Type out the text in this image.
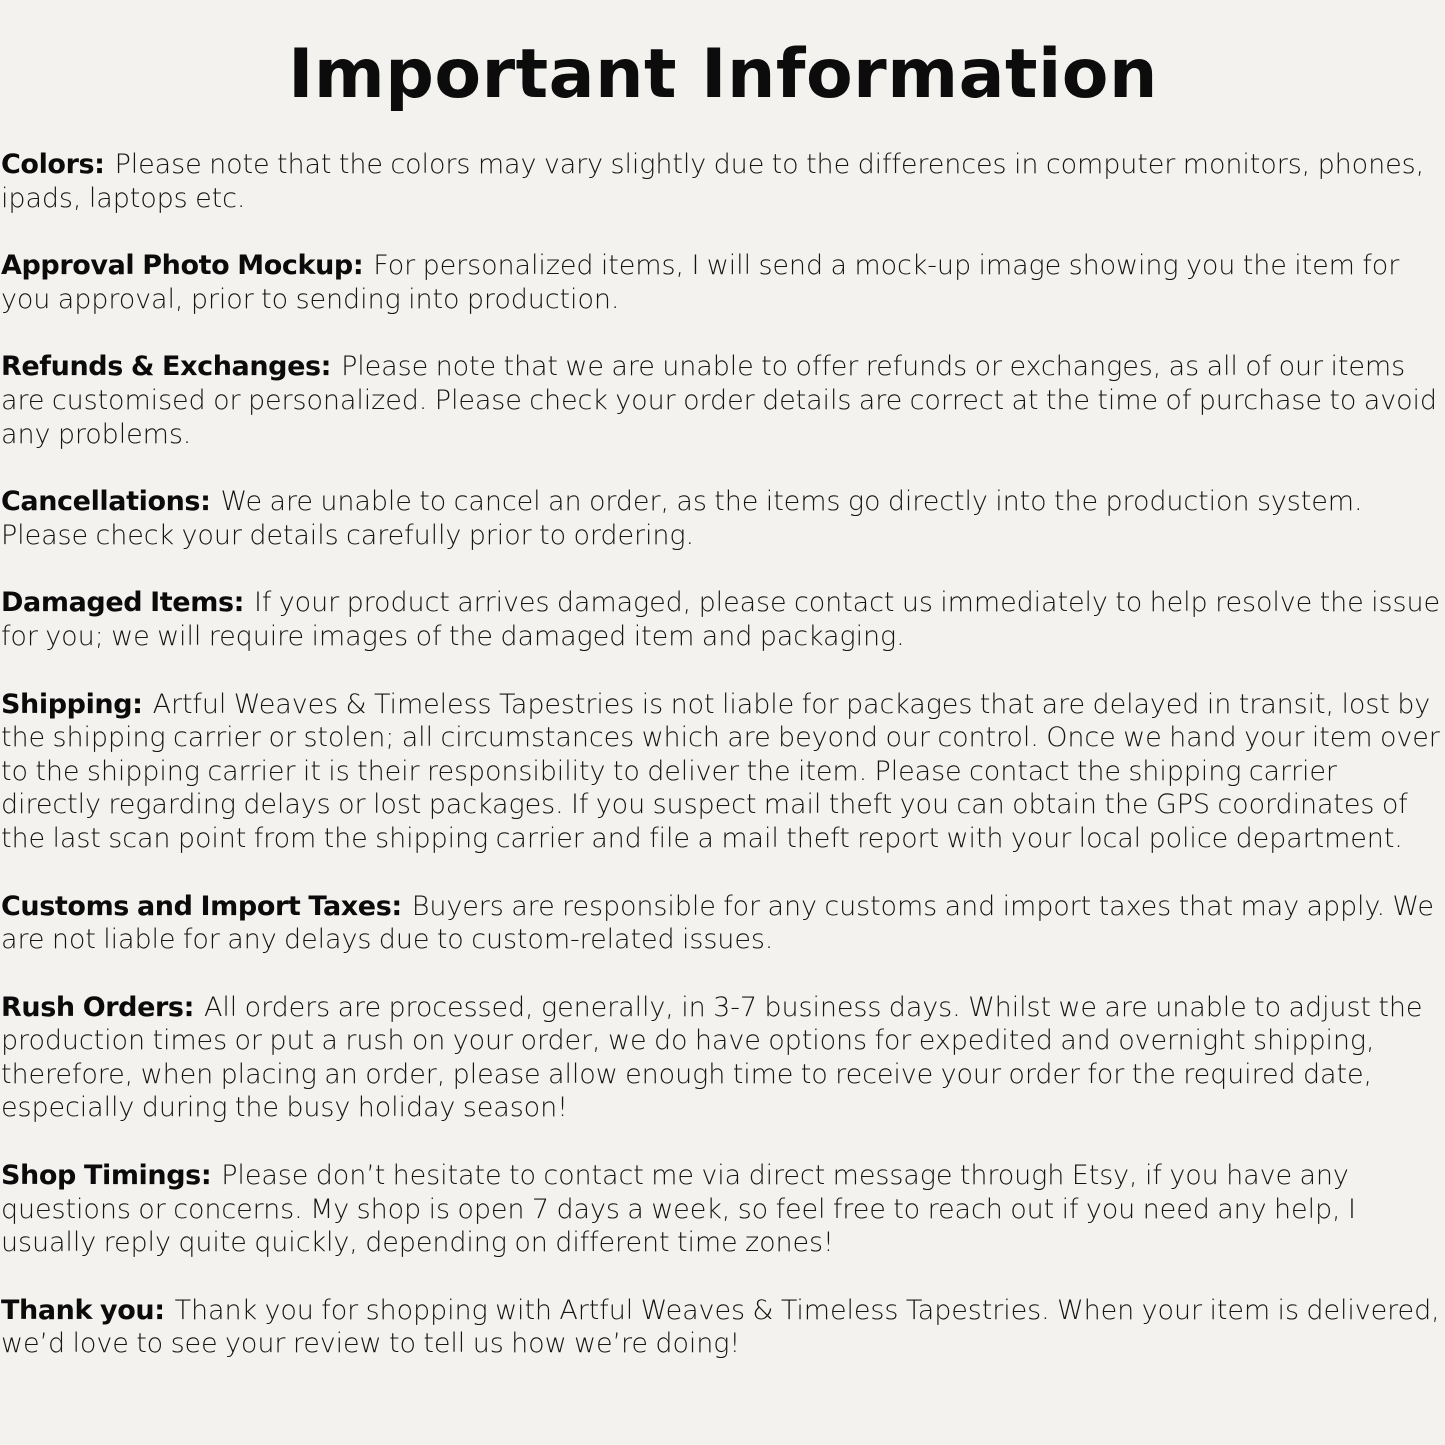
Important Information

Colors: Please note that the colors may vary slightly due to the differences in computer monitors, phones, ipads, laptops etc.

Approval Photo Mockup: For personalized items, I will send a mock-up image showing you the item for you approval, prior to sending into production.

Refunds & Exchanges: Please note that we are unable to offer refunds or exchanges, as all of our items are customised or personalized. Please check your order details are correct at the time of purchase to avoid any problems.

Cancellations: We are unable to cancel an order, as the items go directly into the production system. Please check your details carefully prior to ordering.

Damaged Items: If your product arrives damaged, please contact us immediately to help resolve the issue for you; we will require images of the damaged item and packaging.

Shipping: Artful Weaves & Timeless Tapestries is not liable for packages that are delayed in transit, lost by the shipping carrier or stolen; all circumstances which are beyond our control. Once we hand your item over to the shipping carrier it is their responsibility to deliver the item. Please contact the shipping carrier directly regarding delays or lost packages. If you suspect mail theft you can obtain the GPS coordinates of the last scan point from the shipping carrier and file a mail theft report with your local police department.

Customs and Import Taxes: Buyers are responsible for any customs and import taxes that may apply. We are not liable for any delays due to custom-related issues.

Rush Orders: All orders are processed, generally, in 3-7 business days. Whilst we are unable to adjust the production times or put a rush on your order, we do have options for expedited and overnight shipping, therefore, when placing an order, please allow enough time to receive your order for the required date, especially during the busy holiday season!

Shop Timings: Please don’t hesitate to contact me via direct message through Etsy, if you have any questions or concerns. My shop is open 7 days a week, so feel free to reach out if you need any help, I usually reply quite quickly, depending on different time zones!

Thank you: Thank you for shopping with Artful Weaves & Timeless Tapestries. When your item is delivered, we’d love to see your review to tell us how we’re doing!
